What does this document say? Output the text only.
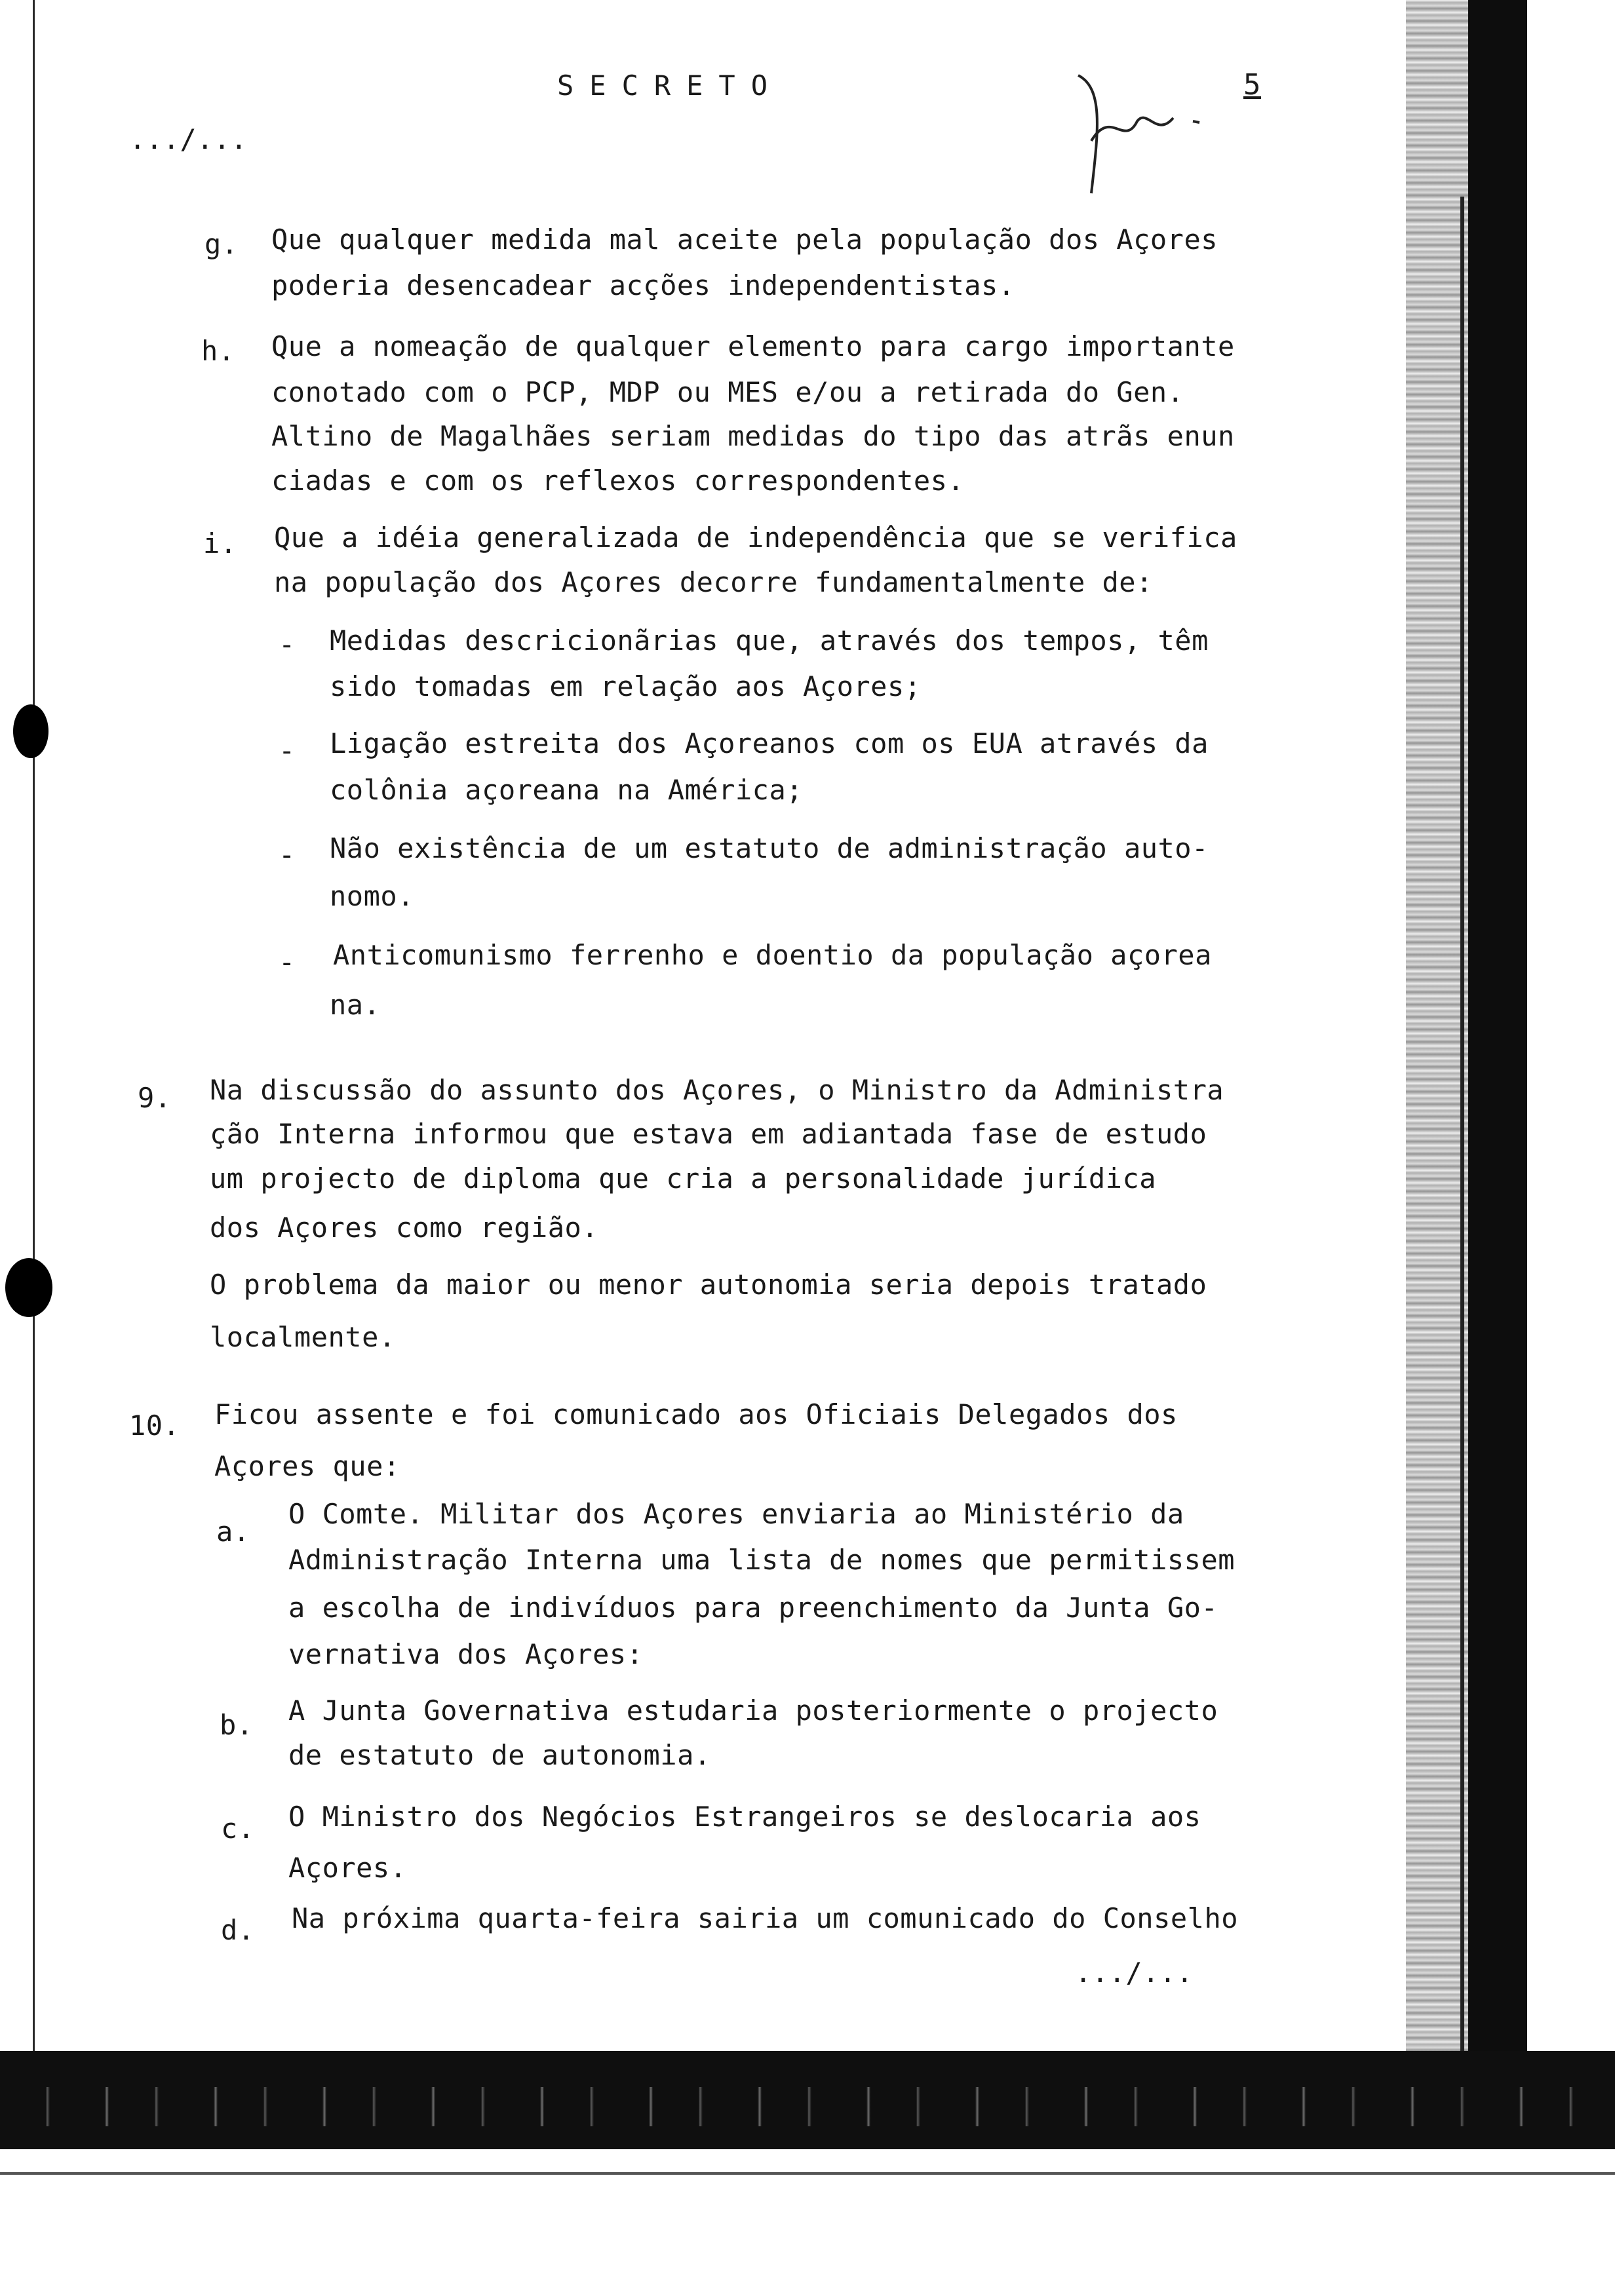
SECRETO	5
.../...
g. Que qualquer medida mal aceite pela população dos Açores
poderia desencadear acções independentistas.
h. Que a nomeação de qualquer elemento para cargo importante
conotado com o PCP, MDP ou MES e/ou a retirada do Gen.
Altino de Magalhães seriam medidas do tipo das atrãs enun
ciadas e com os reflexos correspondentes.
i. Que a idéia generalizada de independência que se verifica
na população dos Açores decorre fundamentalmente de:
- Medidas descricionãrias que, através dos tempos, têm
sido tomadas em relação aos Açores;
- Ligação estreita dos Açoreanos com os EUA através da
colônia açoreana na América;
- Não existência de um estatuto de administração auto-
nomo.
- Anticomunismo ferrenho e doentio da população açorea
na.
9. Na discussão do assunto dos Açores, o Ministro da Administra
ção Interna informou que estava em adiantada fase de estudo
um projecto de diploma que cria a personalidade jurídica
dos Açores como região.
O problema da maior ou menor autonomia seria depois tratado
localmente.
10. Ficou assente e foi comunicado aos Oficiais Delegados dos
Açores que:
a.
O Comte. Militar dos Açores enviaria ao Ministério da
Administração Interna uma lista de nomes que permitissem
a escolha de indivíduos para preenchimento da Junta Go-
vernativa dos Açores:
b. A Junta Governativa estudaria posteriormente o projecto
de estatuto de autonomia.
c. O Ministro dos Negócios Estrangeiros se deslocaria aos
Açores.
d. Na próxima quarta-feira sairia um comunicado do Conselho
.../...
